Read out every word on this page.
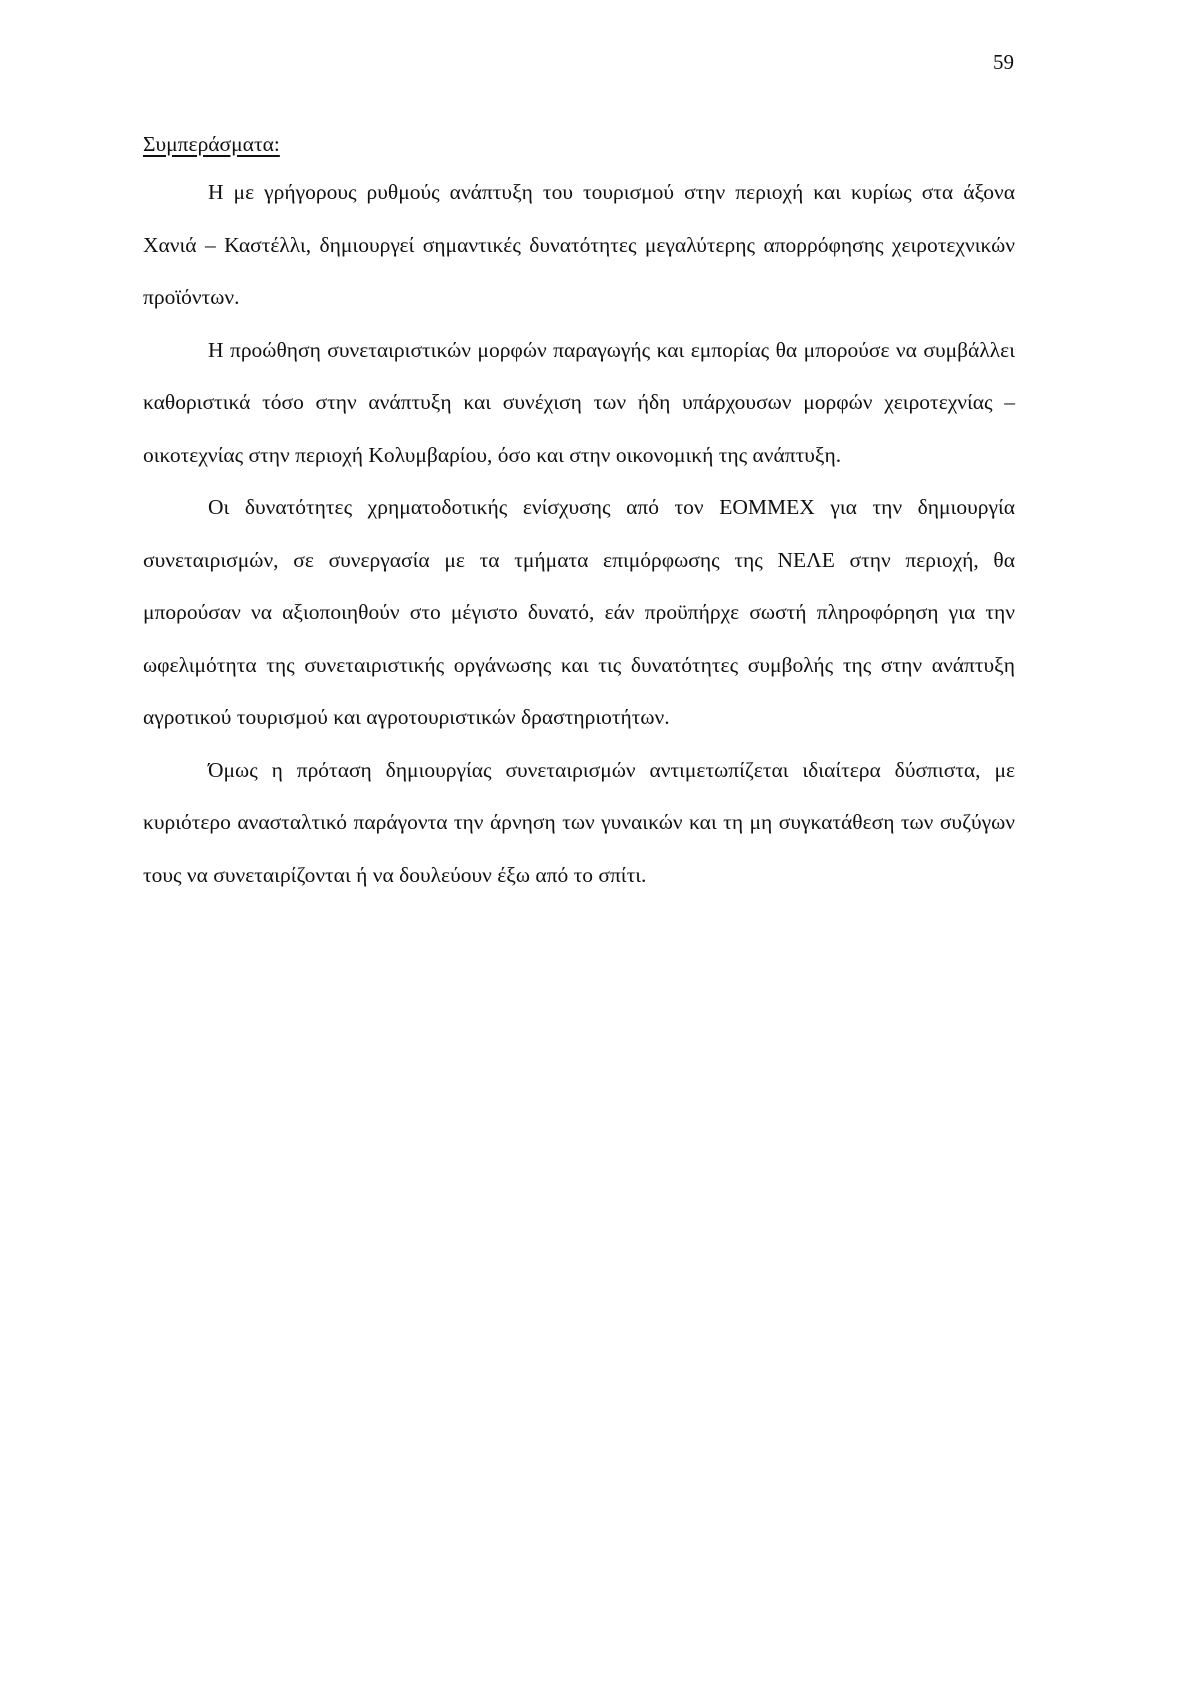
59
Συμπεράσματα:

Η με γρήγορους ρυθμούς ανάπτυξη του τουρισμού στην περιοχή και κυρίως στα άξονα Χανιά – Καστέλλι, δημιουργεί σημαντικές δυνατότητες μεγαλύτερης απορρόφησης χειροτεχνικών προϊόντων.

Η προώθηση συνεταιριστικών μορφών παραγωγής και εμπορίας θα μπορούσε να συμβάλλει καθοριστικά τόσο στην ανάπτυξη και συνέχιση των ήδη υπάρχουσων μορφών χειροτεχνίας – οικοτεχνίας στην περιοχή Κολυμβαρίου, όσο και στην οικονομική της ανάπτυξη.

Οι δυνατότητες χρηματοδοτικής ενίσχυσης από τον ΕΟΜΜΕΧ για την δημιουργία συνεταιρισμών, σε συνεργασία με τα τμήματα επιμόρφωσης της ΝΕΛΕ στην περιοχή, θα μπορούσαν να αξιοποιηθούν στο μέγιστο δυνατό, εάν προϋπήρχε σωστή πληροφόρηση για την ωφελιμότητα της συνεταιριστικής οργάνωσης και τις δυνατότητες συμβολής της στην ανάπτυξη αγροτικού τουρισμού και αγροτουριστικών δραστηριοτήτων.

Όμως η πρόταση δημιουργίας συνεταιρισμών αντιμετωπίζεται ιδιαίτερα δύσπιστα, με κυριότερο ανασταλτικό παράγοντα την άρνηση των γυναικών και τη μη συγκατάθεση των συζύγων τους να συνεταιρίζονται ή να δουλεύουν έξω από το σπίτι.
